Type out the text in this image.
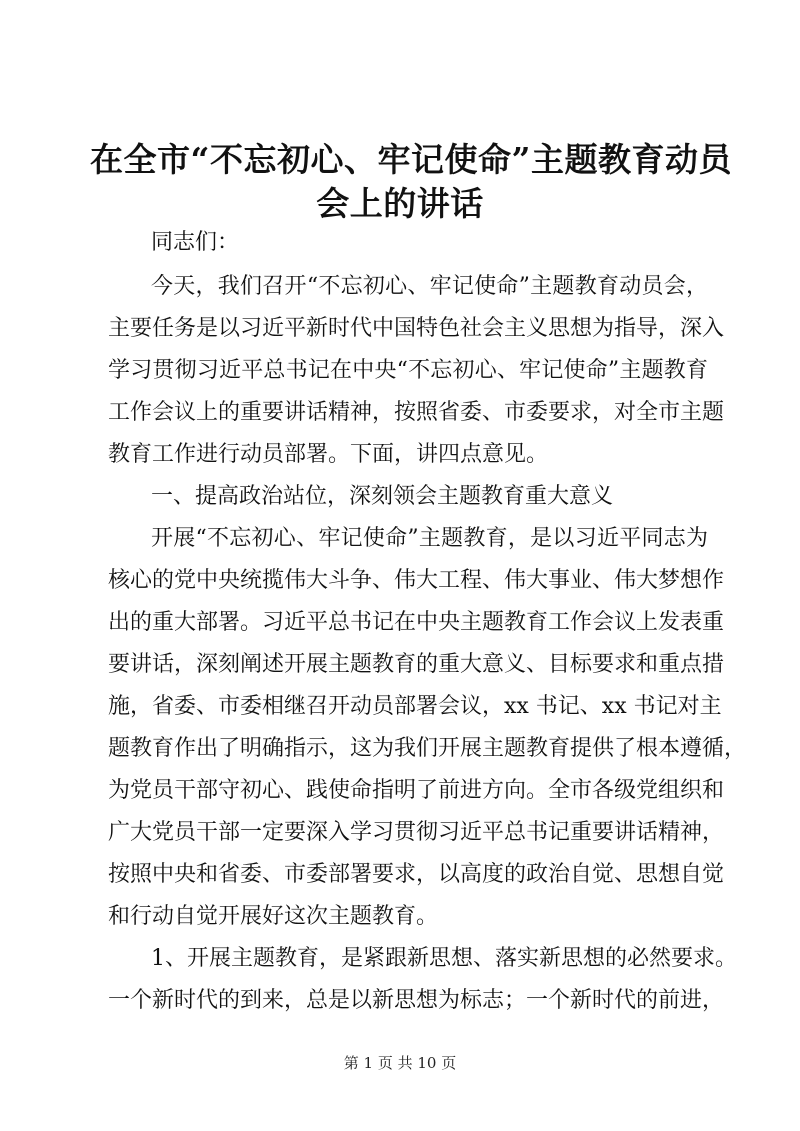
在全市“不忘初心、牢记使命”主题教育动员
会上的讲话

同志们：

今天，我们召开“不忘初心、牢记使命”主题教育动员会，

主要任务是以习近平新时代中国特色社会主义思想为指导，深入

学习贯彻习近平总书记在中央“不忘初心、牢记使命”主题教育

工作会议上的重要讲话精神，按照省委、市委要求，对全市主题

教育工作进行动员部署。下面，讲四点意见。

一、提高政治站位，深刻领会主题教育重大意义

开展“不忘初心、牢记使命”主题教育，是以习近平同志为

核心的党中央统揽伟大斗争、伟大工程、伟大事业、伟大梦想作

出的重大部署。习近平总书记在中央主题教育工作会议上发表重

要讲话，深刻阐述开展主题教育的重大意义、目标要求和重点措

施，省委、市委相继召开动员部署会议，xx 书记、xx 书记对主

题教育作出了明确指示，这为我们开展主题教育提供了根本遵循，

为党员干部守初心、践使命指明了前进方向。全市各级党组织和

广大党员干部一定要深入学习贯彻习近平总书记重要讲话精神，

按照中央和省委、市委部署要求，以高度的政治自觉、思想自觉

和行动自觉开展好这次主题教育。

1、开展主题教育，是紧跟新思想、落实新思想的必然要求。

一个新时代的到来，总是以新思想为标志；一个新时代的前进，

第 1 页 共 10 页
